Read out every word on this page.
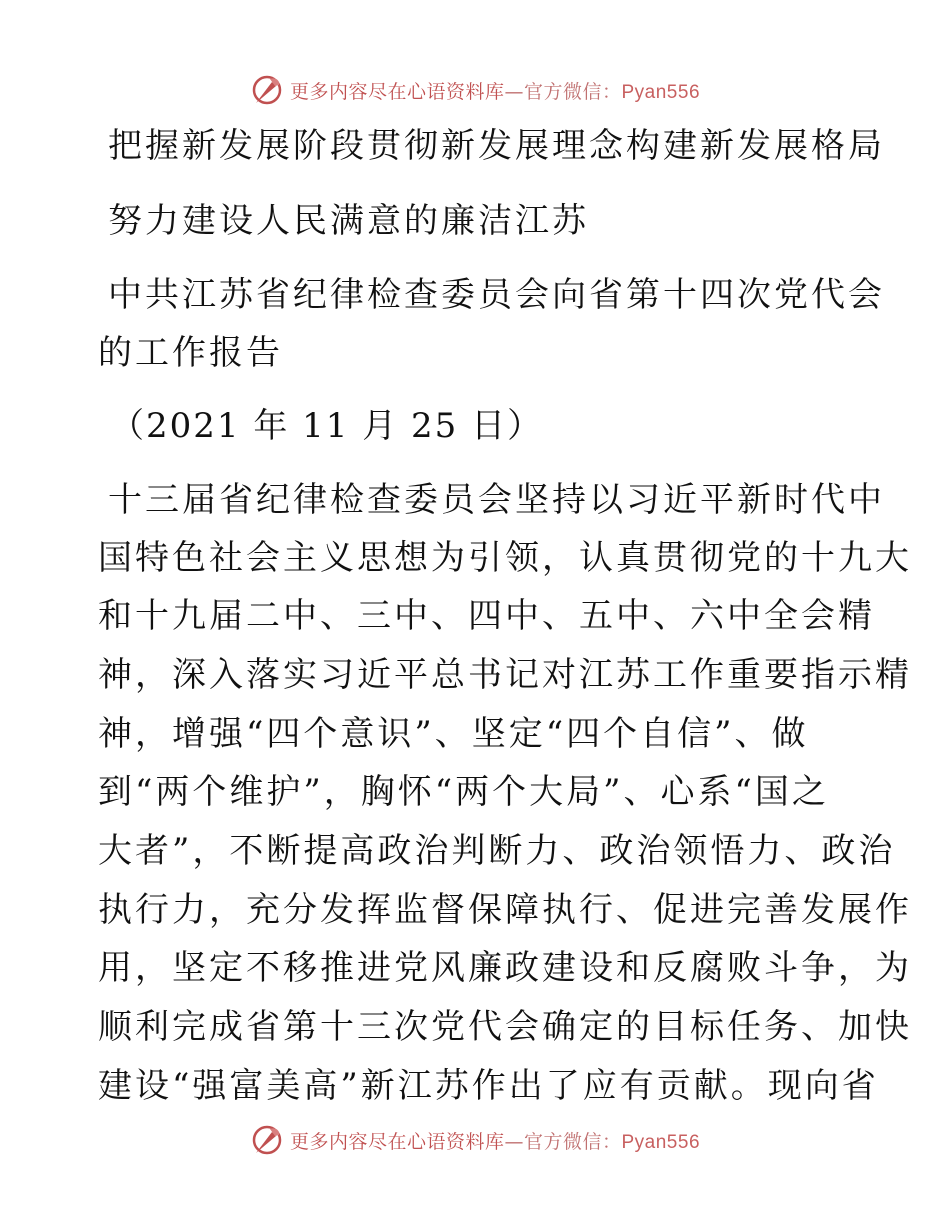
更多内容尽在心语资料库—官方微信：Pyan556
把握新发展阶段贯彻新发展理念构建新发展格局
努力建设人民满意的廉洁江苏
中共江苏省纪律检查委员会向省第十四次党代会
的工作报告
（2021 年 11 月 25 日）
十三届省纪律检查委员会坚持以习近平新时代中
国特色社会主义思想为引领，认真贯彻党的十九大
和十九届二中、三中、四中、五中、六中全会精
神，深入落实习近平总书记对江苏工作重要指示精
神，增强“四个意识”、坚定“四个自信”、做
到“两个维护”，胸怀“两个大局”、心系“国之
大者”，不断提高政治判断力、政治领悟力、政治
执行力，充分发挥监督保障执行、促进完善发展作
用，坚定不移推进党风廉政建设和反腐败斗争，为
顺利完成省第十三次党代会确定的目标任务、加快
建设“强富美高”新江苏作出了应有贡献。现向省
更多内容尽在心语资料库—官方微信：Pyan556
